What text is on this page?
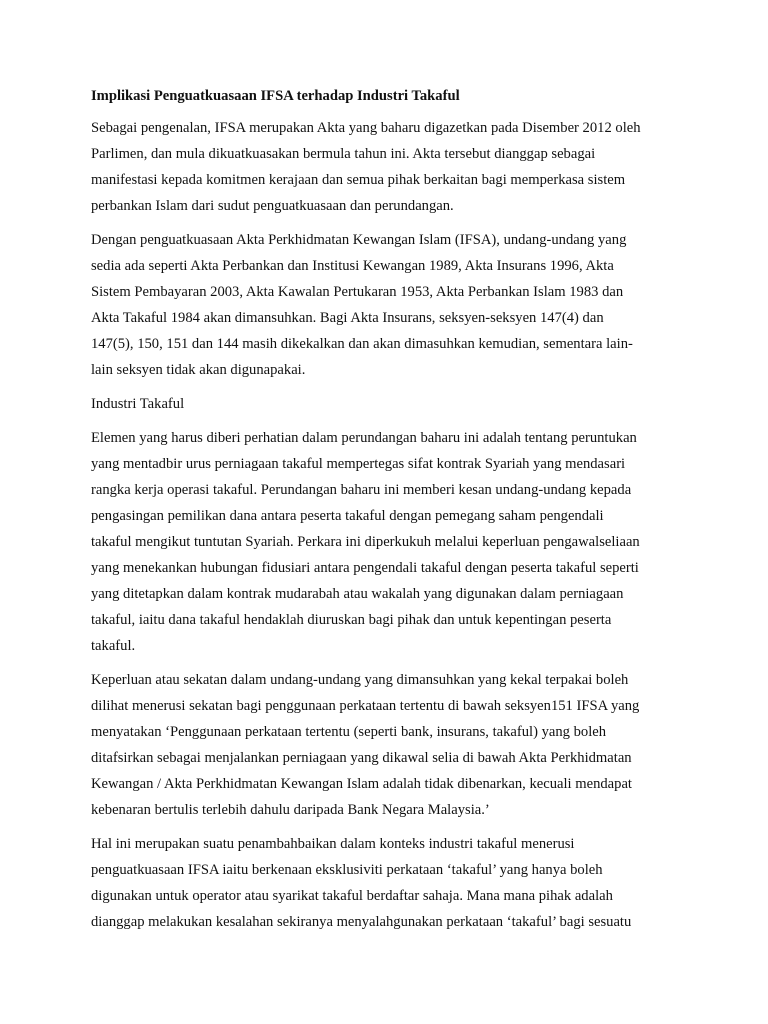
Implikasi Penguatkuasaan IFSA terhadap Industri Takaful
Sebagai pengenalan, IFSA merupakan Akta yang baharu digazetkan pada Disember 2012 oleh
Parlimen, dan mula dikuatkuasakan bermula tahun ini. Akta tersebut dianggap sebagai
manifestasi kepada komitmen kerajaan dan semua pihak berkaitan bagi memperkasa sistem
perbankan Islam dari sudut penguatkuasaan dan perundangan.
Dengan penguatkuasaan Akta Perkhidmatan Kewangan Islam (IFSA), undang-undang yang
sedia ada seperti Akta Perbankan dan Institusi Kewangan 1989, Akta Insurans 1996, Akta
Sistem Pembayaran 2003, Akta Kawalan Pertukaran 1953, Akta Perbankan Islam 1983 dan
Akta Takaful 1984 akan dimansuhkan. Bagi Akta Insurans, seksyen-seksyen 147(4) dan
147(5), 150, 151 dan 144 masih dikekalkan dan akan dimasuhkan kemudian, sementara lain-
lain seksyen tidak akan digunapakai.
Industri Takaful
Elemen yang harus diberi perhatian dalam perundangan baharu ini adalah tentang peruntukan
yang mentadbir urus perniagaan takaful mempertegas sifat kontrak Syariah yang mendasari
rangka kerja operasi takaful. Perundangan baharu ini memberi kesan undang-undang kepada
pengasingan pemilikan dana antara peserta takaful dengan pemegang saham pengendali
takaful mengikut tuntutan Syariah. Perkara ini diperkukuh melalui keperluan pengawalseliaan
yang menekankan hubungan fidusiari antara pengendali takaful dengan peserta takaful seperti
yang ditetapkan dalam kontrak mudarabah atau wakalah yang digunakan dalam perniagaan
takaful, iaitu dana takaful hendaklah diuruskan bagi pihak dan untuk kepentingan peserta
takaful.
Keperluan atau sekatan dalam undang-undang yang dimansuhkan yang kekal terpakai boleh
dilihat menerusi sekatan bagi penggunaan perkataan tertentu di bawah seksyen151 IFSA yang
menyatakan ‘Penggunaan perkataan tertentu (seperti bank, insurans, takaful) yang boleh
ditafsirkan sebagai menjalankan perniagaan yang dikawal selia di bawah Akta Perkhidmatan
Kewangan / Akta Perkhidmatan Kewangan Islam adalah tidak dibenarkan, kecuali mendapat
kebenaran bertulis terlebih dahulu daripada Bank Negara Malaysia.’
Hal ini merupakan suatu penambahbaikan dalam konteks industri takaful menerusi
penguatkuasaan IFSA iaitu berkenaan eksklusiviti perkataan ‘takaful’ yang hanya boleh
digunakan untuk operator atau syarikat takaful berdaftar sahaja. Mana mana pihak adalah
dianggap melakukan kesalahan sekiranya menyalahgunakan perkataan ‘takaful’ bagi sesuatu
